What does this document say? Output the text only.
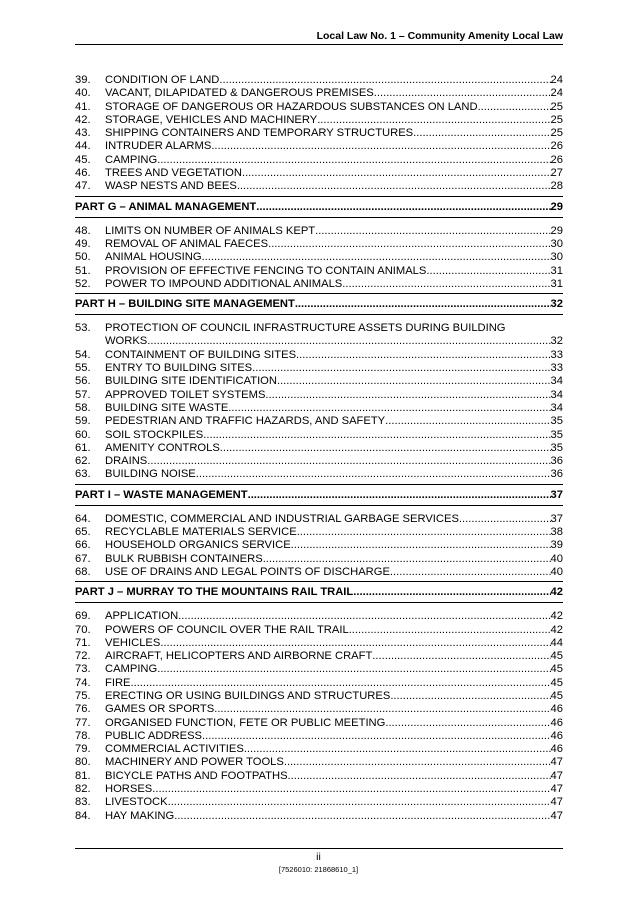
Local Law No. 1 – Community Amenity Local Law
39.	CONDITION OF LAND .....	24
40.	VACANT, DILAPIDATED & DANGEROUS PREMISES .....	24
41.	STORAGE OF DANGEROUS OR HAZARDOUS SUBSTANCES ON LAND .....	25
42.	STORAGE, VEHICLES AND MACHINERY .....	25
43.	SHIPPING CONTAINERS AND TEMPORARY STRUCTURES .....	25
44.	INTRUDER ALARMS .....	26
45.	CAMPING .....	26
46.	TREES AND VEGETATION .....	27
47.	WASP NESTS AND BEES .....	28
PART G – ANIMAL MANAGEMENT .....	29
48.	LIMITS ON NUMBER OF ANIMALS KEPT .....	29
49.	REMOVAL OF ANIMAL FAECES .....	30
50.	ANIMAL HOUSING .....	30
51.	PROVISION OF EFFECTIVE FENCING TO CONTAIN ANIMALS .....	31
52.	POWER TO IMPOUND ADDITIONAL ANIMALS .....	31
PART H – BUILDING SITE MANAGEMENT .....	32
53.	PROTECTION OF COUNCIL INFRASTRUCTURE ASSETS DURING BUILDING
WORKS .....	32
54.	CONTAINMENT OF BUILDING SITES .....	33
55.	ENTRY TO BUILDING SITES .....	33
56.	BUILDING SITE IDENTIFICATION .....	34
57.	APPROVED TOILET SYSTEMS .....	34
58.	BUILDING SITE WASTE .....	34
59.	PEDESTRIAN AND TRAFFIC HAZARDS, AND SAFETY .....	35
60.	SOIL STOCKPILES .....	35
61.	AMENITY CONTROLS .....	35
62.	DRAINS .....	36
63.	BUILDING NOISE .....	36
PART I – WASTE MANAGEMENT .....	37
64.	DOMESTIC, COMMERCIAL AND INDUSTRIAL GARBAGE SERVICES .....	37
65.	RECYCLABLE MATERIALS SERVICE .....	38
66.	HOUSEHOLD ORGANICS SERVICE .....	39
67.	BULK RUBBISH CONTAINERS .....	40
68.	USE OF DRAINS AND LEGAL POINTS OF DISCHARGE .....	40
PART J – MURRAY TO THE MOUNTAINS RAIL TRAIL .....	42
69.	APPLICATION .....	42
70.	POWERS OF COUNCIL OVER THE RAIL TRAIL .....	42
71.	VEHICLES .....	44
72.	AIRCRAFT, HELICOPTERS AND AIRBORNE CRAFT .....	45
73.	CAMPING .....	45
74.	FIRE .....	45
75.	ERECTING OR USING BUILDINGS AND STRUCTURES .....	45
76.	GAMES OR SPORTS .....	46
77.	ORGANISED FUNCTION, FETE OR PUBLIC MEETING .....	46
78.	PUBLIC ADDRESS .....	46
79.	COMMERCIAL ACTIVITIES .....	46
80.	MACHINERY AND POWER TOOLS .....	47
81.	BICYCLE PATHS AND FOOTPATHS .....	47
82.	HORSES .....	47
83.	LIVESTOCK .....	47
84.	HAY MAKING .....	47
ii
[7526010: 21868610_1]
